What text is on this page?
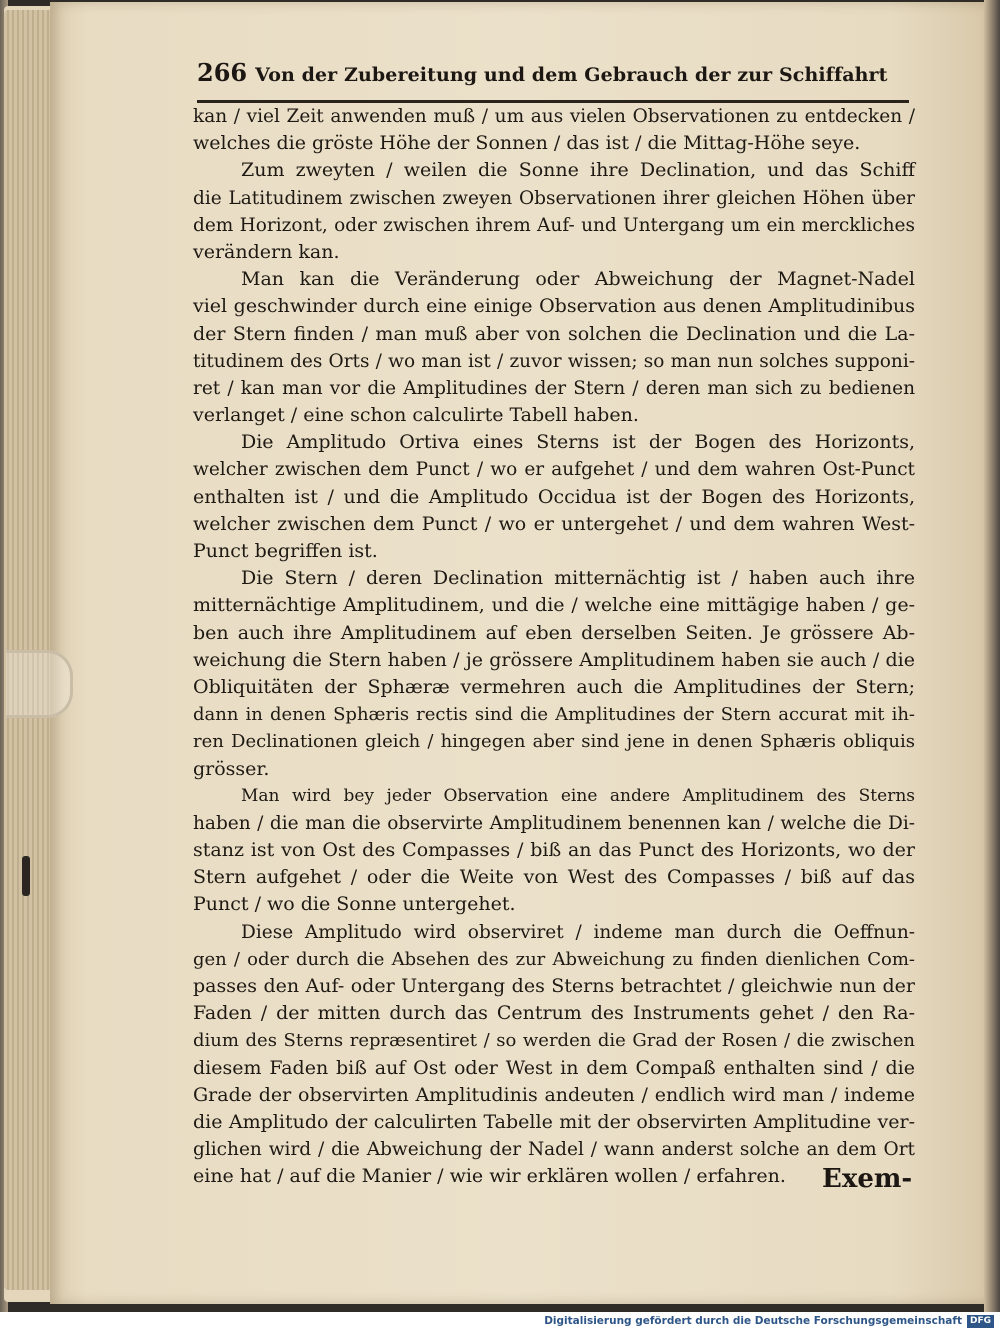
266 Von der Zubereitung und dem Gebrauch der zur Schiffahrt
kan / viel Zeit anwenden muß / um aus vielen Observationen zu entdecken /
welches die gröste Höhe der Sonnen / das ist / die Mittag-Höhe seye.
Zum zweyten / weilen die Sonne ihre Declination, und das Schiff
die Latitudinem zwischen zweyen Observationen ihrer gleichen Höhen über
dem Horizont, oder zwischen ihrem Auf- und Untergang um ein merckliches
verändern kan.
Man kan die Veränderung oder Abweichung der Magnet-Nadel
viel geschwinder durch eine einige Observation aus denen Amplitudinibus
der Stern finden / man muß aber von solchen die Declination und die La-
titudinem des Orts / wo man ist / zuvor wissen; so man nun solches supponi-
ret / kan man vor die Amplitudines der Stern / deren man sich zu bedienen
verlanget / eine schon calculirte Tabell haben.
Die Amplitudo Ortiva eines Sterns ist der Bogen des Horizonts,
welcher zwischen dem Punct / wo er aufgehet / und dem wahren Ost-Punct
enthalten ist / und die Amplitudo Occidua ist der Bogen des Horizonts,
welcher zwischen dem Punct / wo er untergehet / und dem wahren West-
Punct begriffen ist.
Die Stern / deren Declination mitternächtig ist / haben auch ihre
mitternächtige Amplitudinem, und die / welche eine mittägige haben / ge-
ben auch ihre Amplitudinem auf eben derselben Seiten. Je grössere Ab-
weichung die Stern haben / je grössere Amplitudinem haben sie auch / die
Obliquitäten der Sphæræ vermehren auch die Amplitudines der Stern;
dann in denen Sphæris rectis sind die Amplitudines der Stern accurat mit ih-
ren Declinationen gleich / hingegen aber sind jene in denen Sphæris obliquis
grösser.
Man wird bey jeder Observation eine andere Amplitudinem des Sterns
haben / die man die observirte Amplitudinem benennen kan / welche die Di-
stanz ist von Ost des Compasses / biß an das Punct des Horizonts, wo der
Stern aufgehet / oder die Weite von West des Compasses / biß auf das
Punct / wo die Sonne untergehet.
Diese Amplitudo wird observiret / indeme man durch die Oeffnun-
gen / oder durch die Absehen des zur Abweichung zu finden dienlichen Com-
passes den Auf- oder Untergang des Sterns betrachtet / gleichwie nun der
Faden / der mitten durch das Centrum des Instruments gehet / den Ra-
dium des Sterns repræsentiret / so werden die Grad der Rosen / die zwischen
diesem Faden biß auf Ost oder West in dem Compaß enthalten sind / die
Grade der observirten Amplitudinis andeuten / endlich wird man / indeme
die Amplitudo der calculirten Tabelle mit der observirten Amplitudine ver-
glichen wird / die Abweichung der Nadel / wann anderst solche an dem Ort
eine hat / auf die Manier / wie wir erklären wollen / erfahren.	Exem-
Digitalisierung gefördert durch die Deutsche Forschungsgemeinschaft DFG
